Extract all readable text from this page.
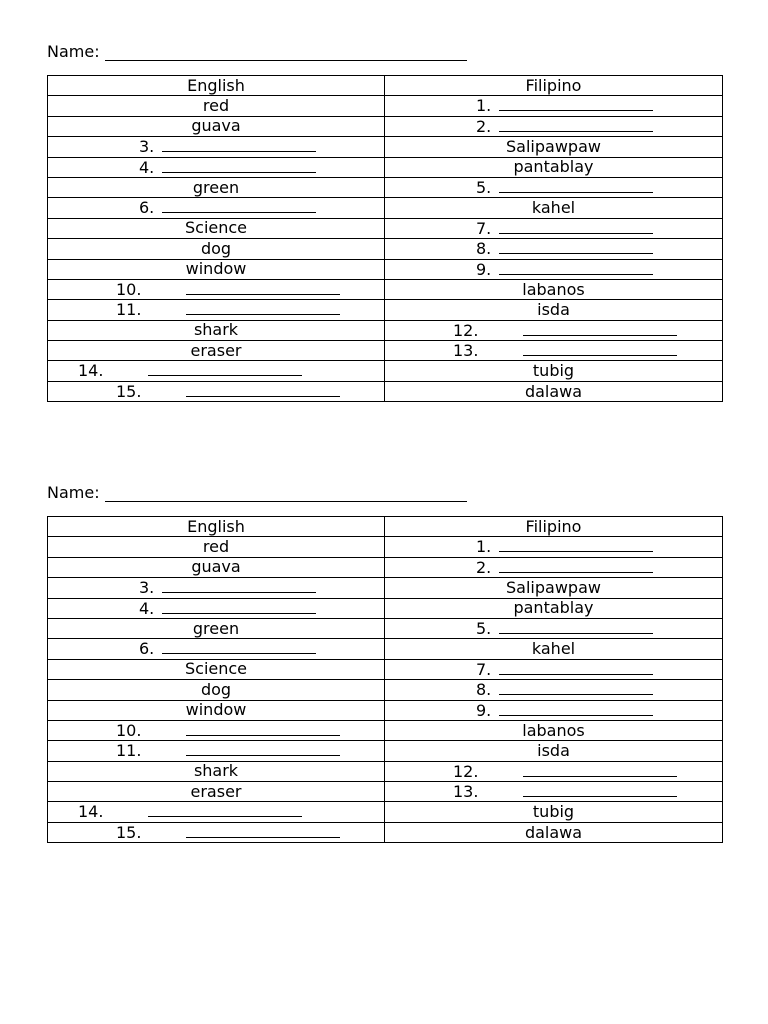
Name:
English	Filipino

red	1.

guava	2.

3.	Salipawpaw

4.	pantablay

green	5.

6.	kahel

Science	7.

dog	8.

window	9.

10.	labanos

11.	isda

shark	12.

eraser	13.

14.	tubig

15.	dalawa
Name:
English	Filipino

red	1.

guava	2.

3.	Salipawpaw

4.	pantablay

green	5.

6.	kahel

Science	7.

dog	8.

window	9.

10.	labanos

11.	isda

shark	12.

eraser	13.

14.	tubig

15.	dalawa
